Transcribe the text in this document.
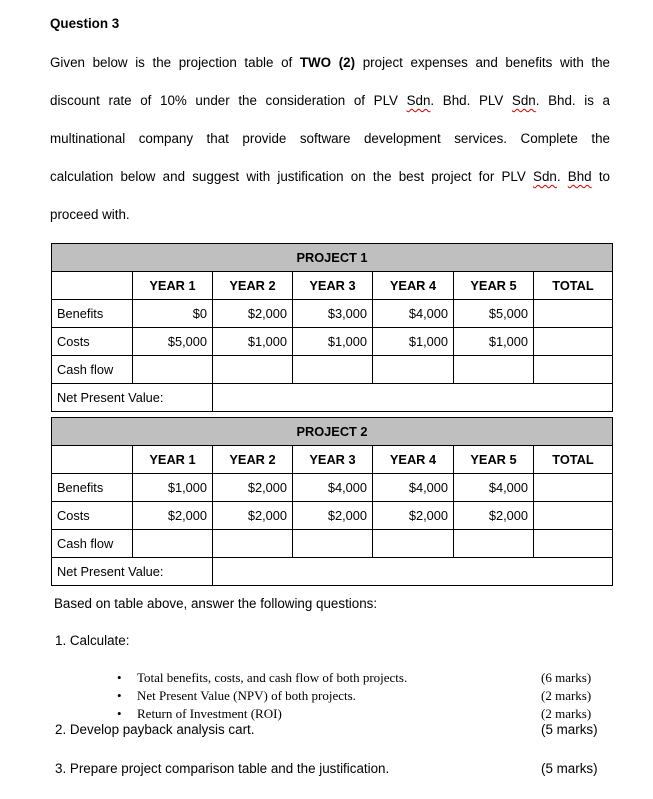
Question 3
Given below is the projection table of TWO (2) project expenses and benefits with the
discount rate of 10% under the consideration of PLV Sdn. Bhd. PLV Sdn. Bhd. is a
multinational company that provide software development services. Complete the
calculation below and suggest with justification on the best project for PLV Sdn. Bhd to
proceed with.
PROJECT 1						
	YEAR 1	YEAR 2	YEAR 3	YEAR 4	YEAR 5	TOTAL
Benefits	$0	$2,000	$3,000	$4,000	$5,000	
Costs	$5,000	$1,000	$1,000	$1,000	$1,000	
Cash flow						
Net Present Value:						
PROJECT 2						
	YEAR 1	YEAR 2	YEAR 3	YEAR 4	YEAR 5	TOTAL
Benefits	$1,000	$2,000	$4,000	$4,000	$4,000	
Costs	$2,000	$2,000	$2,000	$2,000	$2,000	
Cash flow						
Net Present Value:						
Based on table above, answer the following questions:
1. Calculate:
• Total benefits, costs, and cash flow of both projects.	(6 marks)
• Net Present Value (NPV) of both projects.	(2 marks)
• Return of Investment (ROI)	(2 marks)
2. Develop payback analysis cart.	(5 marks)
3. Prepare project comparison table and the justification.	(5 marks)
